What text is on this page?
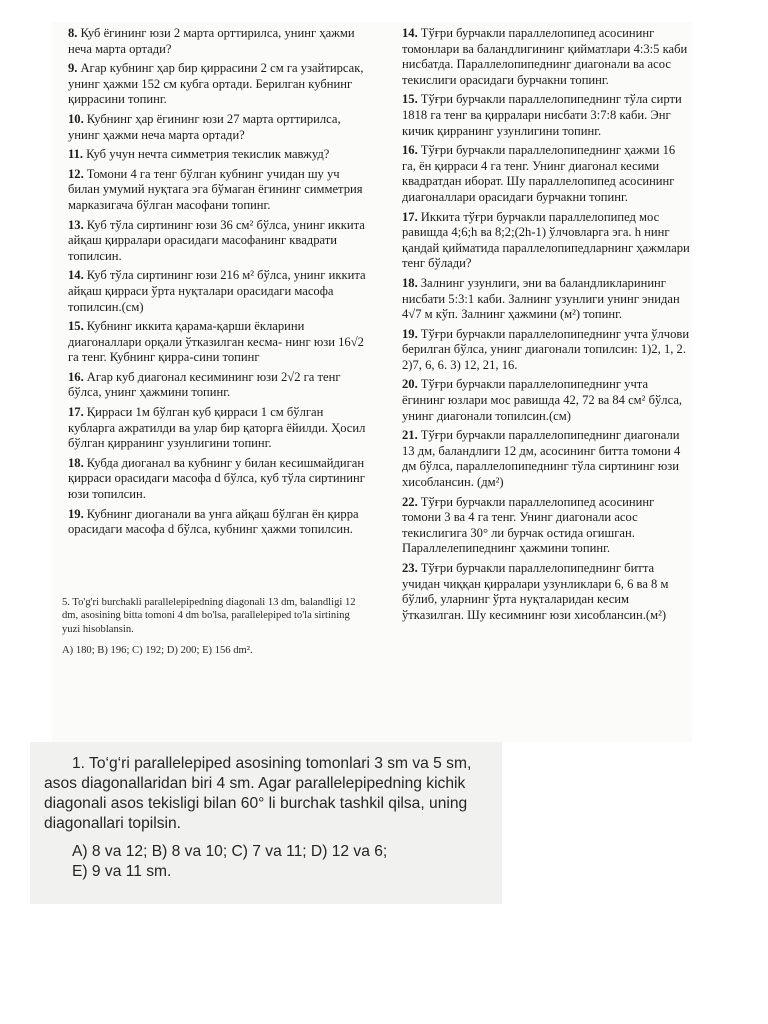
8. Куб ёгининг юзи 2 марта орттирилса, унинг ҳажми неча марта ортади?
9. Агар кубнинг ҳар бир қиррасини 2 см га узайтирсак, унинг ҳажми 152 см кубга ортади. Берилган кубнинг қиррасини топинг.
10. Кубнинг ҳар ёгининг юзи 27 марта орттирилса, унинг ҳажми неча марта ортади?
11. Куб учун нечта симметрия текислик мавжуд?
12. Томони 4 га тенг бўлган кубнинг учидан шу уч билан умумий нуқтага эга бўмаган ёгининг симметрия марказигача бўлган масофани топинг.
13. Куб тўла сиртининг юзи 36 см² бўлса, унинг иккита айқаш қирралари орасидаги масофанинг квадрати топилсин.
14. Куб тўла сиртининг юзи 216 м² бўлса, унинг иккита айқаш қирраси ўрта нуқталари орасидаги масофа топилсин.(см)
15. Кубнинг иккита қарама-қарши ёкларини диагоналлари орқали ўтказилган кесма- нинг юзи 16√2 га тенг. Кубнинг қирра-сини топинг
16. Агар куб диагонал кесимининг юзи 2√2 га тенг бўлса, унинг ҳажмини топинг.
17. Қирраси 1м бўлган куб қирраси 1 см бўлган кубларга ажратилди ва улар бир қаторга ёйилди. Ҳосил бўлган қирранинг узунлигини топинг.
18. Кубда диоганал ва кубнинг у билан кесишмайдиган қирраси орасидаги масофа d бўлса, куб тўла сиртининг юзи топилсин.
19. Кубнинг диоганали ва унга айқаш бўлган ён қирра орасидаги масофа d бўлса, кубнинг ҳажми топилсин.
14. Тўғри бурчакли параллелопипед асосининг томонлари ва баландлигининг қийматлари 4:3:5 каби нисбатда. Параллелопипеднинг диагонали ва асос текислиги орасидаги бурчакни топинг.
15. Тўғри бурчакли параллелопипеднинг тўла сирти 1818 га тенг ва қирралари нисбати 3:7:8 каби. Энг кичик қирранинг узунлигини топинг.
16. Тўғри бурчакли параллелопипеднинг ҳажми 16 га, ён қирраси 4 га тенг. Унинг диагонал кесими квадратдан иборат. Шу параллелопипед асосининг диагоналлари орасидаги бурчакни топинг.
17. Иккита тўғри бурчакли параллелопипед мос равишда 4;6;h ва 8;2;(2h-1) ўлчовларга эга. h нинг қандай қийматида параллелопипедларнинг ҳажмлари тенг бўлади?
18. Залнинг узунлиги, эни ва баландликларининг нисбати 5:3:1 каби. Залнинг узунлиги унинг энидан 4√7 м кўп. Залнинг ҳажмини (м²) топинг.
19. Тўғри бурчакли параллелопипеднинг учта ўлчови берилган бўлса, унинг диагонали топилсин: 1)2, 1, 2. 2)7, 6, 6. 3) 12, 21, 16.
20. Тўғри бурчакли параллелопипеднинг учта ёгининг юзлари мос равишда 42, 72 ва 84 см² бўлса, унинг диагонали топилсин.(см)
21. Тўғри бурчакли параллелопипеднинг диагонали 13 дм, баландлиги 12 дм, асосининг битта томони 4 дм бўлса, параллелопипеднинг тўла сиртининг юзи хисоблансин. (дм²)
22. Тўғри бурчакли параллелопипед асосининг томони 3 ва 4 га тенг. Унинг диагонали асос текислигига 30° ли бурчак остида огишган. Параллелепипеднинг ҳажмини топинг.
23. Тўғри бурчакли параллелопипеднинг битта учидан чиққан қирралари узунликлари 6, 6 ва 8 м бўлиб, уларнинг ўрта нуқталаридан кесим ўтказилган. Шу кесимнинг юзи хисоблансин.(м²)
5. To'g'ri burchakli parallelepipedning diagonali 13 dm, balandligi 12 dm, asosining bitta tomoni 4 dm bo'lsa, parallelepiped to'la sirtining yuzi hisoblansin.
A) 180; B) 196; C) 192; D) 200; E) 156 dm².
1. To‘g‘ri parallelepiped asosining tomonlari 3 sm va 5 sm, asos diagonallaridan biri 4 sm. Agar parallelepipedning kichik diagonali asos tekisligi bilan 60° li burchak tashkil qilsa, uning diagonallari topilsin.
A) 8 va 12; B) 8 va 10; C) 7 va 11; D) 12 va 6;
E) 9 va 11 sm.
